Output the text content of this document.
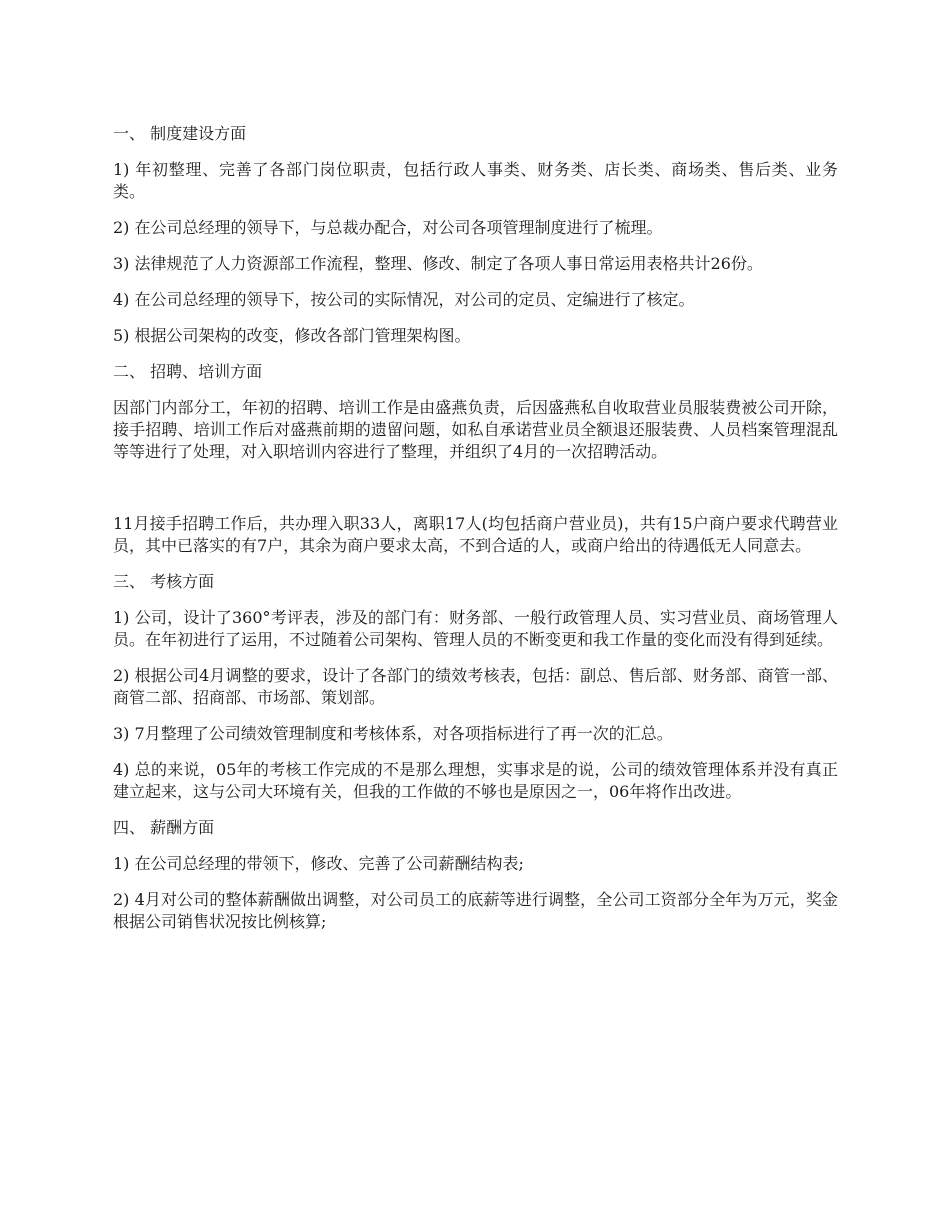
一、 制度建设方面

1) 年初整理、完善了各部门岗位职责，包括行政人事类、财务类、店长类、商场类、售后类、业务类。

2) 在公司总经理的领导下，与总裁办配合，对公司各项管理制度进行了梳理。

3) 法律规范了人力资源部工作流程，整理、修改、制定了各项人事日常运用表格共计26份。

4) 在公司总经理的领导下，按公司的实际情况，对公司的定员、定编进行了核定。

5) 根据公司架构的改变，修改各部门管理架构图。

二、 招聘、培训方面

因部门内部分工，年初的招聘、培训工作是由盛燕负责，后因盛燕私自收取营业员服装费被公司开除，接手招聘、培训工作后对盛燕前期的遗留问题，如私自承诺营业员全额退还服装费、人员档案管理混乱等等进行了处理，对入职培训内容进行了整理，并组织了4月的一次招聘活动。

11月接手招聘工作后，共办理入职33人，离职17人(均包括商户营业员)，共有15户商户要求代聘营业员，其中已落实的有7户，其余为商户要求太高，不到合适的人，或商户给出的待遇低无人同意去。

三、 考核方面

1) 公司，设计了360°考评表，涉及的部门有：财务部、一般行政管理人员、实习营业员、商场管理人员。在年初进行了运用，不过随着公司架构、管理人员的不断变更和我工作量的变化而没有得到延续。

2) 根据公司4月调整的要求，设计了各部门的绩效考核表，包括：副总、售后部、财务部、商管一部、商管二部、招商部、市场部、策划部。

3) 7月整理了公司绩效管理制度和考核体系，对各项指标进行了再一次的汇总。

4) 总的来说，05年的考核工作完成的不是那么理想，实事求是的说，公司的绩效管理体系并没有真正建立起来，这与公司大环境有关，但我的工作做的不够也是原因之一，06年将作出改进。

四、 薪酬方面

1) 在公司总经理的带领下，修改、完善了公司薪酬结构表;

2) 4月对公司的整体薪酬做出调整，对公司员工的底薪等进行调整，全公司工资部分全年为万元，奖金根据公司销售状况按比例核算;
